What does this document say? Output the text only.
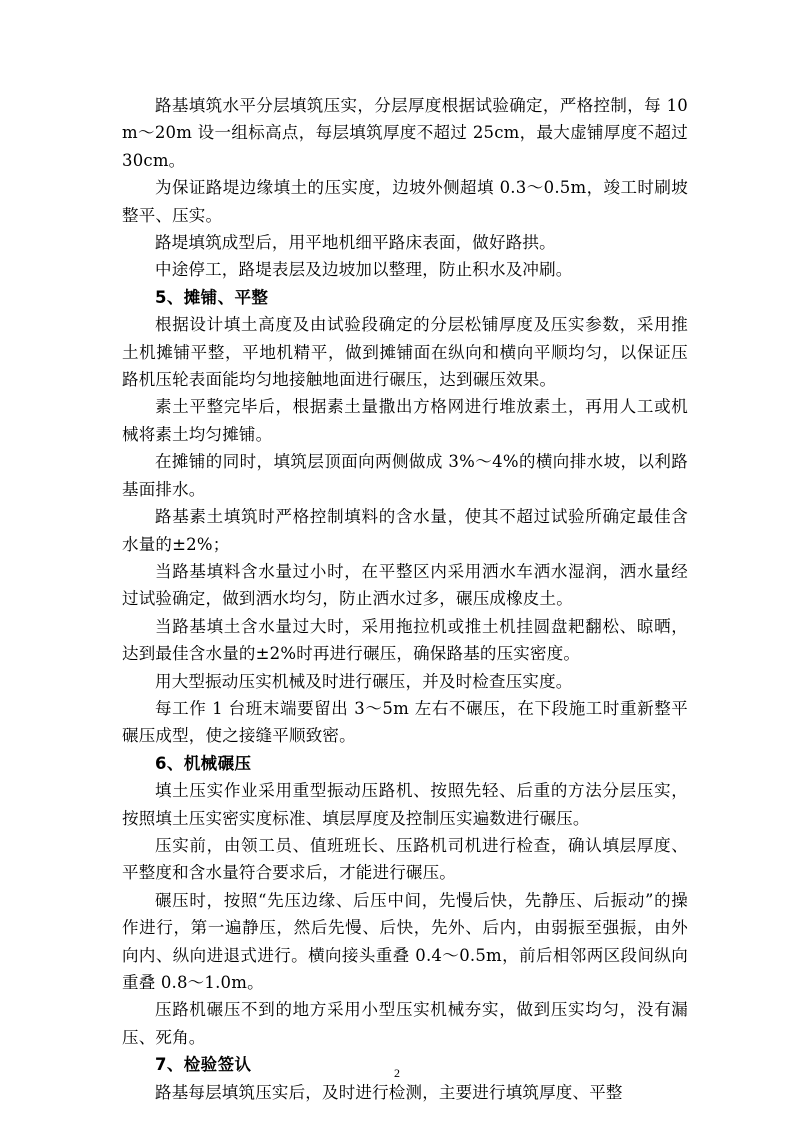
路基填筑水平分层填筑压实，分层厚度根据试验确定，严格控制，每 10m～20m 设一组标高点，每层填筑厚度不超过 25cm，最大虚铺厚度不超过 30cm。

为保证路堤边缘填土的压实度，边坡外侧超填 0.3～0.5m，竣工时刷坡整平、压实。

路堤填筑成型后，用平地机细平路床表面，做好路拱。

中途停工，路堤表层及边坡加以整理，防止积水及冲刷。

5、摊铺、平整

根据设计填土高度及由试验段确定的分层松铺厚度及压实参数，采用推土机摊铺平整，平地机精平，做到摊铺面在纵向和横向平顺均匀，以保证压路机压轮表面能均匀地接触地面进行碾压，达到碾压效果。

素土平整完毕后，根据素土量撒出方格网进行堆放素土，再用人工或机械将素土均匀摊铺。

在摊铺的同时，填筑层顶面向两侧做成 3%～4%的横向排水坡，以利路基面排水。

路基素土填筑时严格控制填料的含水量，使其不超过试验所确定最佳含水量的±2%；

当路基填料含水量过小时，在平整区内采用洒水车洒水湿润，洒水量经过试验确定，做到洒水均匀，防止洒水过多，碾压成橡皮土。

当路基填土含水量过大时，采用拖拉机或推土机挂圆盘耙翻松、晾晒，达到最佳含水量的±2%时再进行碾压，确保路基的压实密度。

用大型振动压实机械及时进行碾压，并及时检查压实度。

每工作 1 台班末端要留出 3～5m 左右不碾压，在下段施工时重新整平碾压成型，使之接缝平顺致密。

6、机械碾压

填土压实作业采用重型振动压路机、按照先轻、后重的方法分层压实，按照填土压实密实度标准、填层厚度及控制压实遍数进行碾压。

压实前，由领工员、值班班长、压路机司机进行检查，确认填层厚度、平整度和含水量符合要求后，才能进行碾压。

碾压时，按照“先压边缘、后压中间，先慢后快，先静压、后振动”的操作进行，第一遍静压，然后先慢、后快，先外、后内，由弱振至强振，由外向内、纵向进退式进行。横向接头重叠 0.4～0.5m，前后相邻两区段间纵向重叠 0.8～1.0m。

压路机碾压不到的地方采用小型压实机械夯实，做到压实均匀，没有漏压、死角。

7、检验签认

路基每层填筑压实后，及时进行检测，主要进行填筑厚度、平整

2
